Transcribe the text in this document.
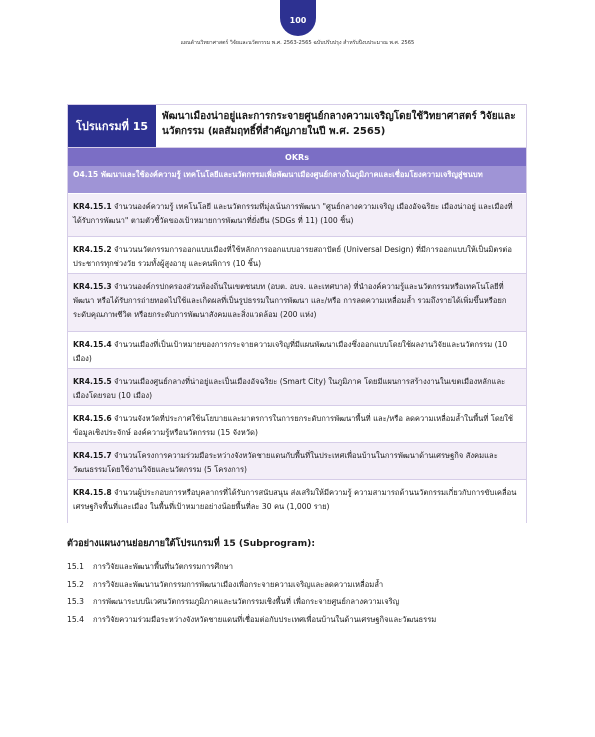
100
แผนด้านวิทยาศาสตร์ วิจัยและนวัตกรรม พ.ศ. 2563-2565 ฉบับปรับปรุง สำหรับปีงบประมาณ พ.ศ. 2565
โปรแกรมที่ 15
พัฒนาเมืองน่าอยู่และการกระจายศูนย์กลางความเจริญโดยใช้วิทยาศาสตร์ วิจัยและนวัตกรรม (ผลสัมฤทธิ์ที่สำคัญภายในปี พ.ศ. 2565)
OKRs
O4.15 พัฒนาและใช้องค์ความรู้ เทคโนโลยีและนวัตกรรมเพื่อพัฒนาเมืองศูนย์กลางในภูมิภาคและเชื่อมโยงความเจริญสู่ชนบท
KR4.15.1 จำนวนองค์ความรู้ เทคโนโลยี และนวัตกรรมที่มุ่งเน้นการพัฒนา "ศูนย์กลางความเจริญ เมืองอัจฉริยะ เมืองน่าอยู่ และเมืองที่ได้รับการพัฒนา" ตามตัวชี้วัดของเป้าหมายการพัฒนาที่ยั่งยืน (SDGs ที่ 11) (100 ชิ้น)
KR4.15.2 จำนวนนวัตกรรมการออกแบบเมืองที่ใช้หลักการออกแบบอารยสถาปัตย์ (Universal Design) ที่มีการออกแบบให้เป็นมิตรต่อประชากรทุกช่วงวัย รวมทั้งผู้สูงอายุ และคนพิการ (10 ชิ้น)
KR4.15.3 จำนวนองค์กรปกครองส่วนท้องถิ่นในเขตชนบท (อบต. อบจ. และเทศบาล) ที่นำองค์ความรู้และนวัตกรรมหรือเทคโนโลยีที่พัฒนา หรือได้รับการถ่ายทอดไปใช้และเกิดผลที่เป็นรูปธรรมในการพัฒนา และ/หรือ การลดความเหลื่อมล้ำ รวมถึงรายได้เพิ่มขึ้นหรือยกระดับคุณภาพชีวิต หรือยกระดับการพัฒนาสังคมและสิ่งแวดล้อม (200 แห่ง)
KR4.15.4 จำนวนเมืองที่เป็นเป้าหมายของการกระจายความเจริญที่มีแผนพัฒนาเมืองซึ่งออกแบบโดยใช้ผลงานวิจัยและนวัตกรรม (10 เมือง)
KR4.15.5 จำนวนเมืองศูนย์กลางที่น่าอยู่และเป็นเมืองอัจฉริยะ (Smart City) ในภูมิภาค โดยมีแผนการสร้างงานในเขตเมืองหลักและเมืองโดยรอบ (10 เมือง)
KR4.15.6 จำนวนจังหวัดที่ประกาศใช้นโยบายและมาตรการในการยกระดับการพัฒนาพื้นที่ และ/หรือ ลดความเหลื่อมล้ำในพื้นที่ โดยใช้ข้อมูลเชิงประจักษ์ องค์ความรู้หรือนวัตกรรม (15 จังหวัด)
KR4.15.7 จำนวนโครงการความร่วมมือระหว่างจังหวัดชายแดนกับพื้นที่ในประเทศเพื่อนบ้านในการพัฒนาด้านเศรษฐกิจ สังคมและวัฒนธรรมโดยใช้งานวิจัยและนวัตกรรม (5 โครงการ)
KR4.15.8 จำนวนผู้ประกอบการหรือบุคลากรที่ได้รับการสนับสนุน ส่งเสริมให้มีความรู้ ความสามารถด้านนวัตกรรมเกี่ยวกับการขับเคลื่อนเศรษฐกิจพื้นที่และเมือง ในพื้นที่เป้าหมายอย่างน้อยพื้นที่ละ 30 คน (1,000 ราย)
ตัวอย่างแผนงานย่อยภายใต้โปรแกรมที่ 15 (Subprogram):
15.1 การวิจัยและพัฒนาพื้นที่นวัตกรรมการศึกษา
15.2 การวิจัยและพัฒนานวัตกรรมการพัฒนาเมืองเพื่อกระจายความเจริญและลดความเหลื่อมล้ำ
15.3 การพัฒนาระบบนิเวศนวัตกรรมภูมิภาคและนวัตกรรมเชิงพื้นที่ เพื่อกระจายศูนย์กลางความเจริญ
15.4 การวิจัยความร่วมมือระหว่างจังหวัดชายแดนที่เชื่อมต่อกับประเทศเพื่อนบ้านในด้านเศรษฐกิจและวัฒนธรรม
